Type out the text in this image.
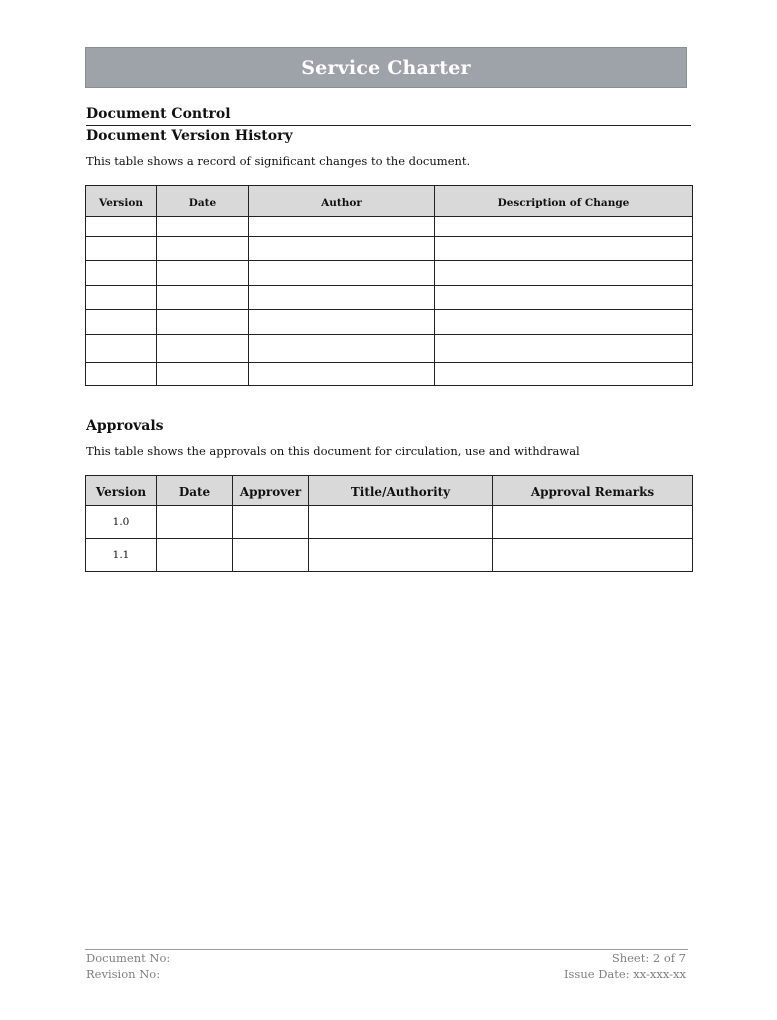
Service Charter
Document Control
Document Version History
This table shows a record of significant changes to the document.
Version	Date	Author	Description of Change

Approvals
This table shows the approvals on this document for circulation, use and withdrawal
Version	Date	Approver	Title/Authority	Approval Remarks
1.0				
1.1				
Document No:
Revision No:
Sheet: 2 of 7
Issue Date: xx-xxx-xx
